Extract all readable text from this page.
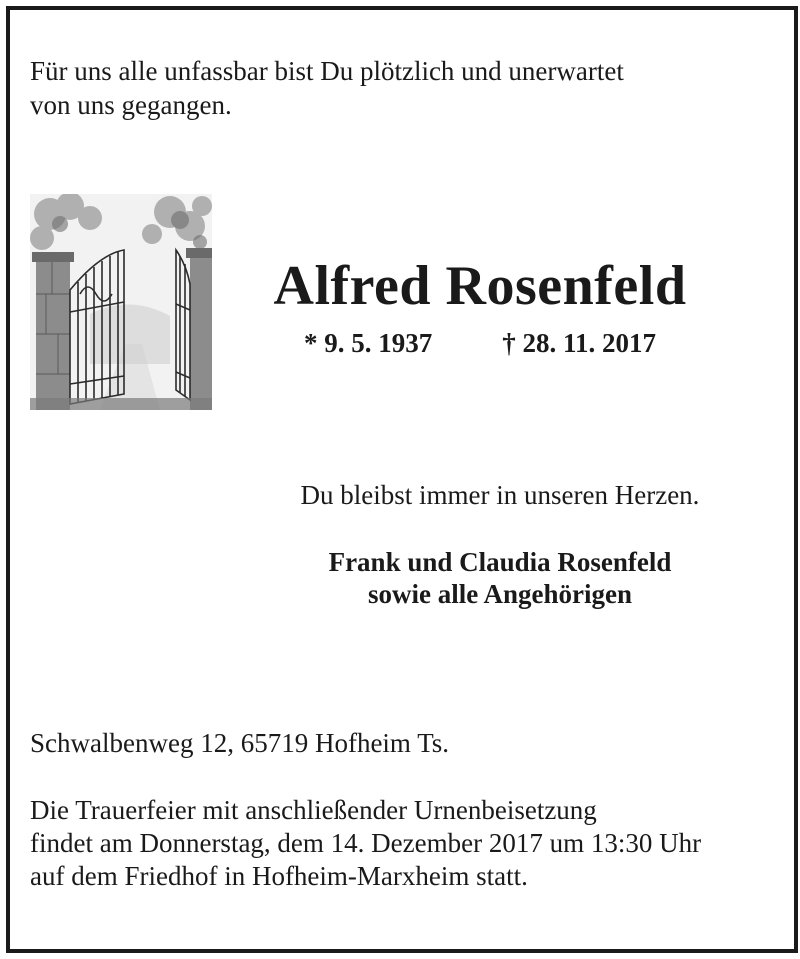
Für uns alle unfassbar bist Du plötzlich und unerwartet
von uns gegangen.
Alfred Rosenfeld
* 9. 5. 1937	† 28. 11. 2017
Du bleibst immer in unseren Herzen.
Frank und Claudia Rosenfeld
sowie alle Angehörigen
Schwalbenweg 12, 65719 Hofheim Ts.
Die Trauerfeier mit anschließender Urnenbeisetzung
findet am Donnerstag, dem 14. Dezember 2017 um 13:30 Uhr
auf dem Friedhof in Hofheim-Marxheim statt.
